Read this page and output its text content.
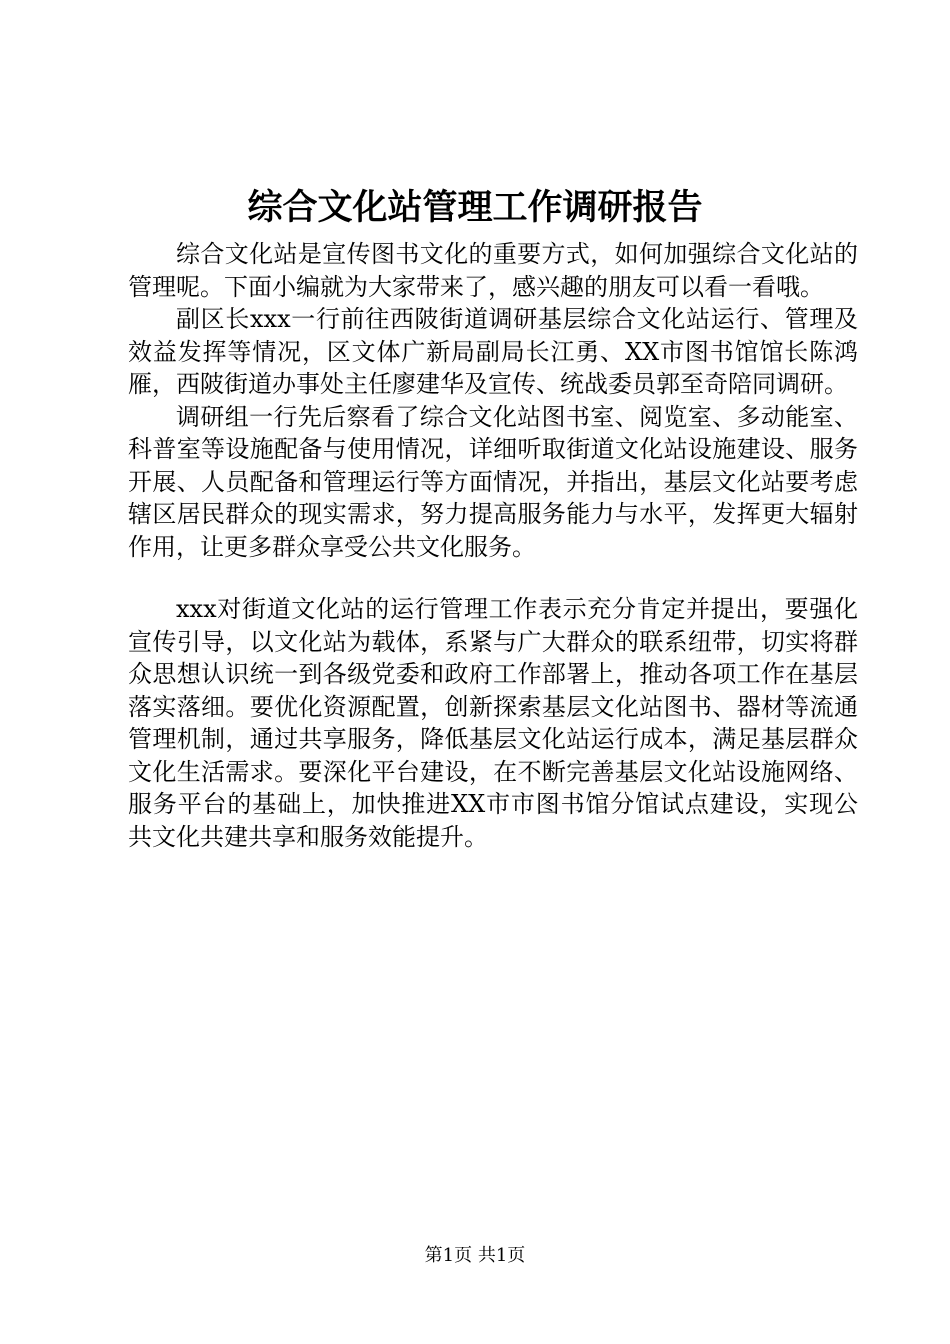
综合文化站管理工作调研报告

综合文化站是宣传图书文化的重要方式，如何加强综合文化站的管理呢。下面小编就为大家带来了，感兴趣的朋友可以看一看哦。

副区长xxx一行前往西陂街道调研基层综合文化站运行、管理及效益发挥等情况，区文体广新局副局长江勇、XX市图书馆馆长陈鸿雁，西陂街道办事处主任廖建华及宣传、统战委员郭至奇陪同调研。

调研组一行先后察看了综合文化站图书室、阅览室、多动能室、科普室等设施配备与使用情况，详细听取街道文化站设施建设、服务开展、人员配备和管理运行等方面情况，并指出，基层文化站要考虑辖区居民群众的现实需求，努力提高服务能力与水平，发挥更大辐射作用，让更多群众享受公共文化服务。

xxx对街道文化站的运行管理工作表示充分肯定并提出，要强化宣传引导，以文化站为载体，系紧与广大群众的联系纽带，切实将群众思想认识统一到各级党委和政府工作部署上，推动各项工作在基层落实落细。要优化资源配置，创新探索基层文化站图书、器材等流通管理机制，通过共享服务，降低基层文化站运行成本，满足基层群众文化生活需求。要深化平台建设，在不断完善基层文化站设施网络、服务平台的基础上，加快推进XX市市图书馆分馆试点建设，实现公共文化共建共享和服务效能提升。

第1页 共1页
